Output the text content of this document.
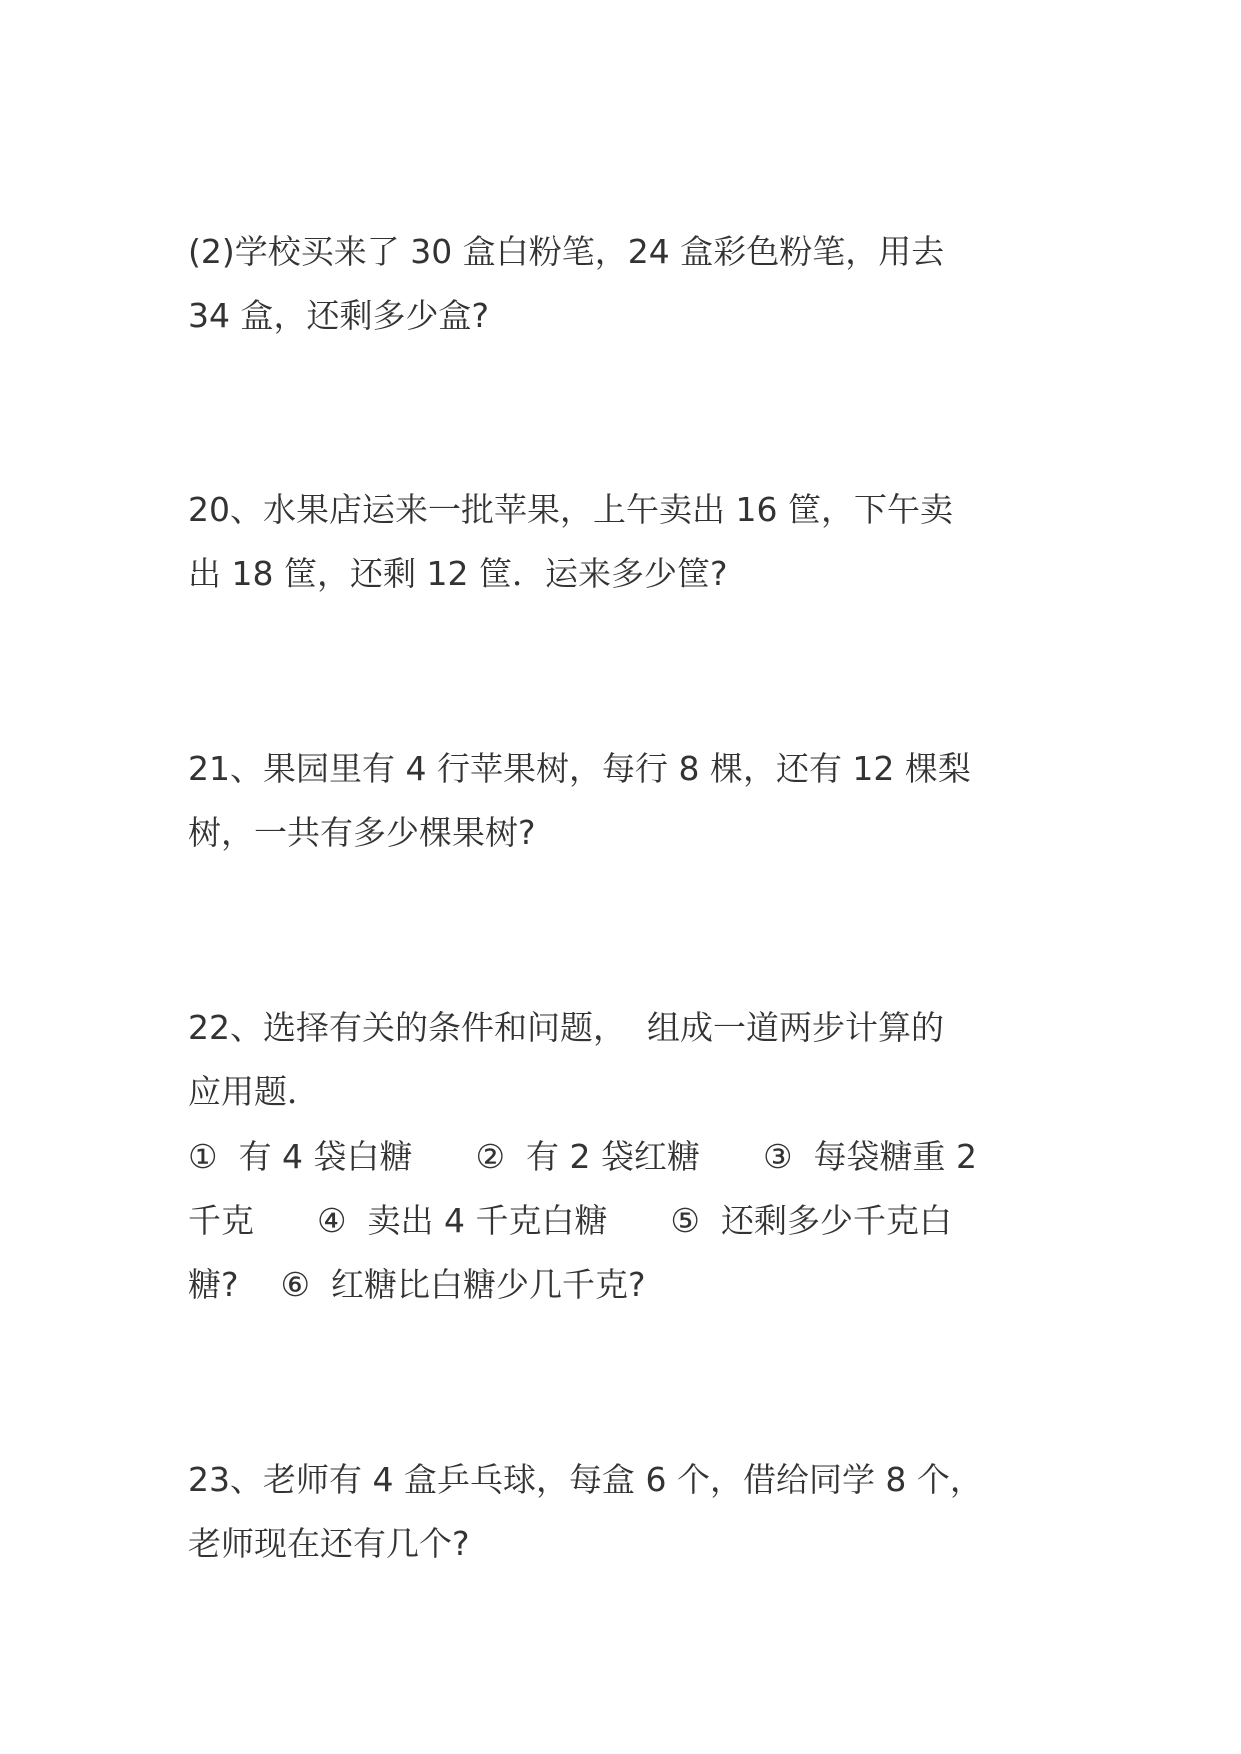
(2)学校买来了 30 盒白粉笔，24 盒彩色粉笔，用去
34 盒，还剩多少盒?
20、水果店运来一批苹果，上午卖出 16 筐，下午卖
出 18 筐，还剩 12 筐．运来多少筐?
21、果园里有 4 行苹果树，每行 8 棵，还有 12 棵梨
树，一共有多少棵果树?
22、选择有关的条件和问题，  组成一道两步计算的
应用题．
①  有 4 袋白糖      ②  有 2 袋红糖      ③  每袋糖重 2
千克      ④  卖出 4 千克白糖      ⑤  还剩多少千克白
糖?    ⑥  红糖比白糖少几千克?
23、老师有 4 盒乒乓球，每盒 6 个，借给同学 8 个，
老师现在还有几个?
